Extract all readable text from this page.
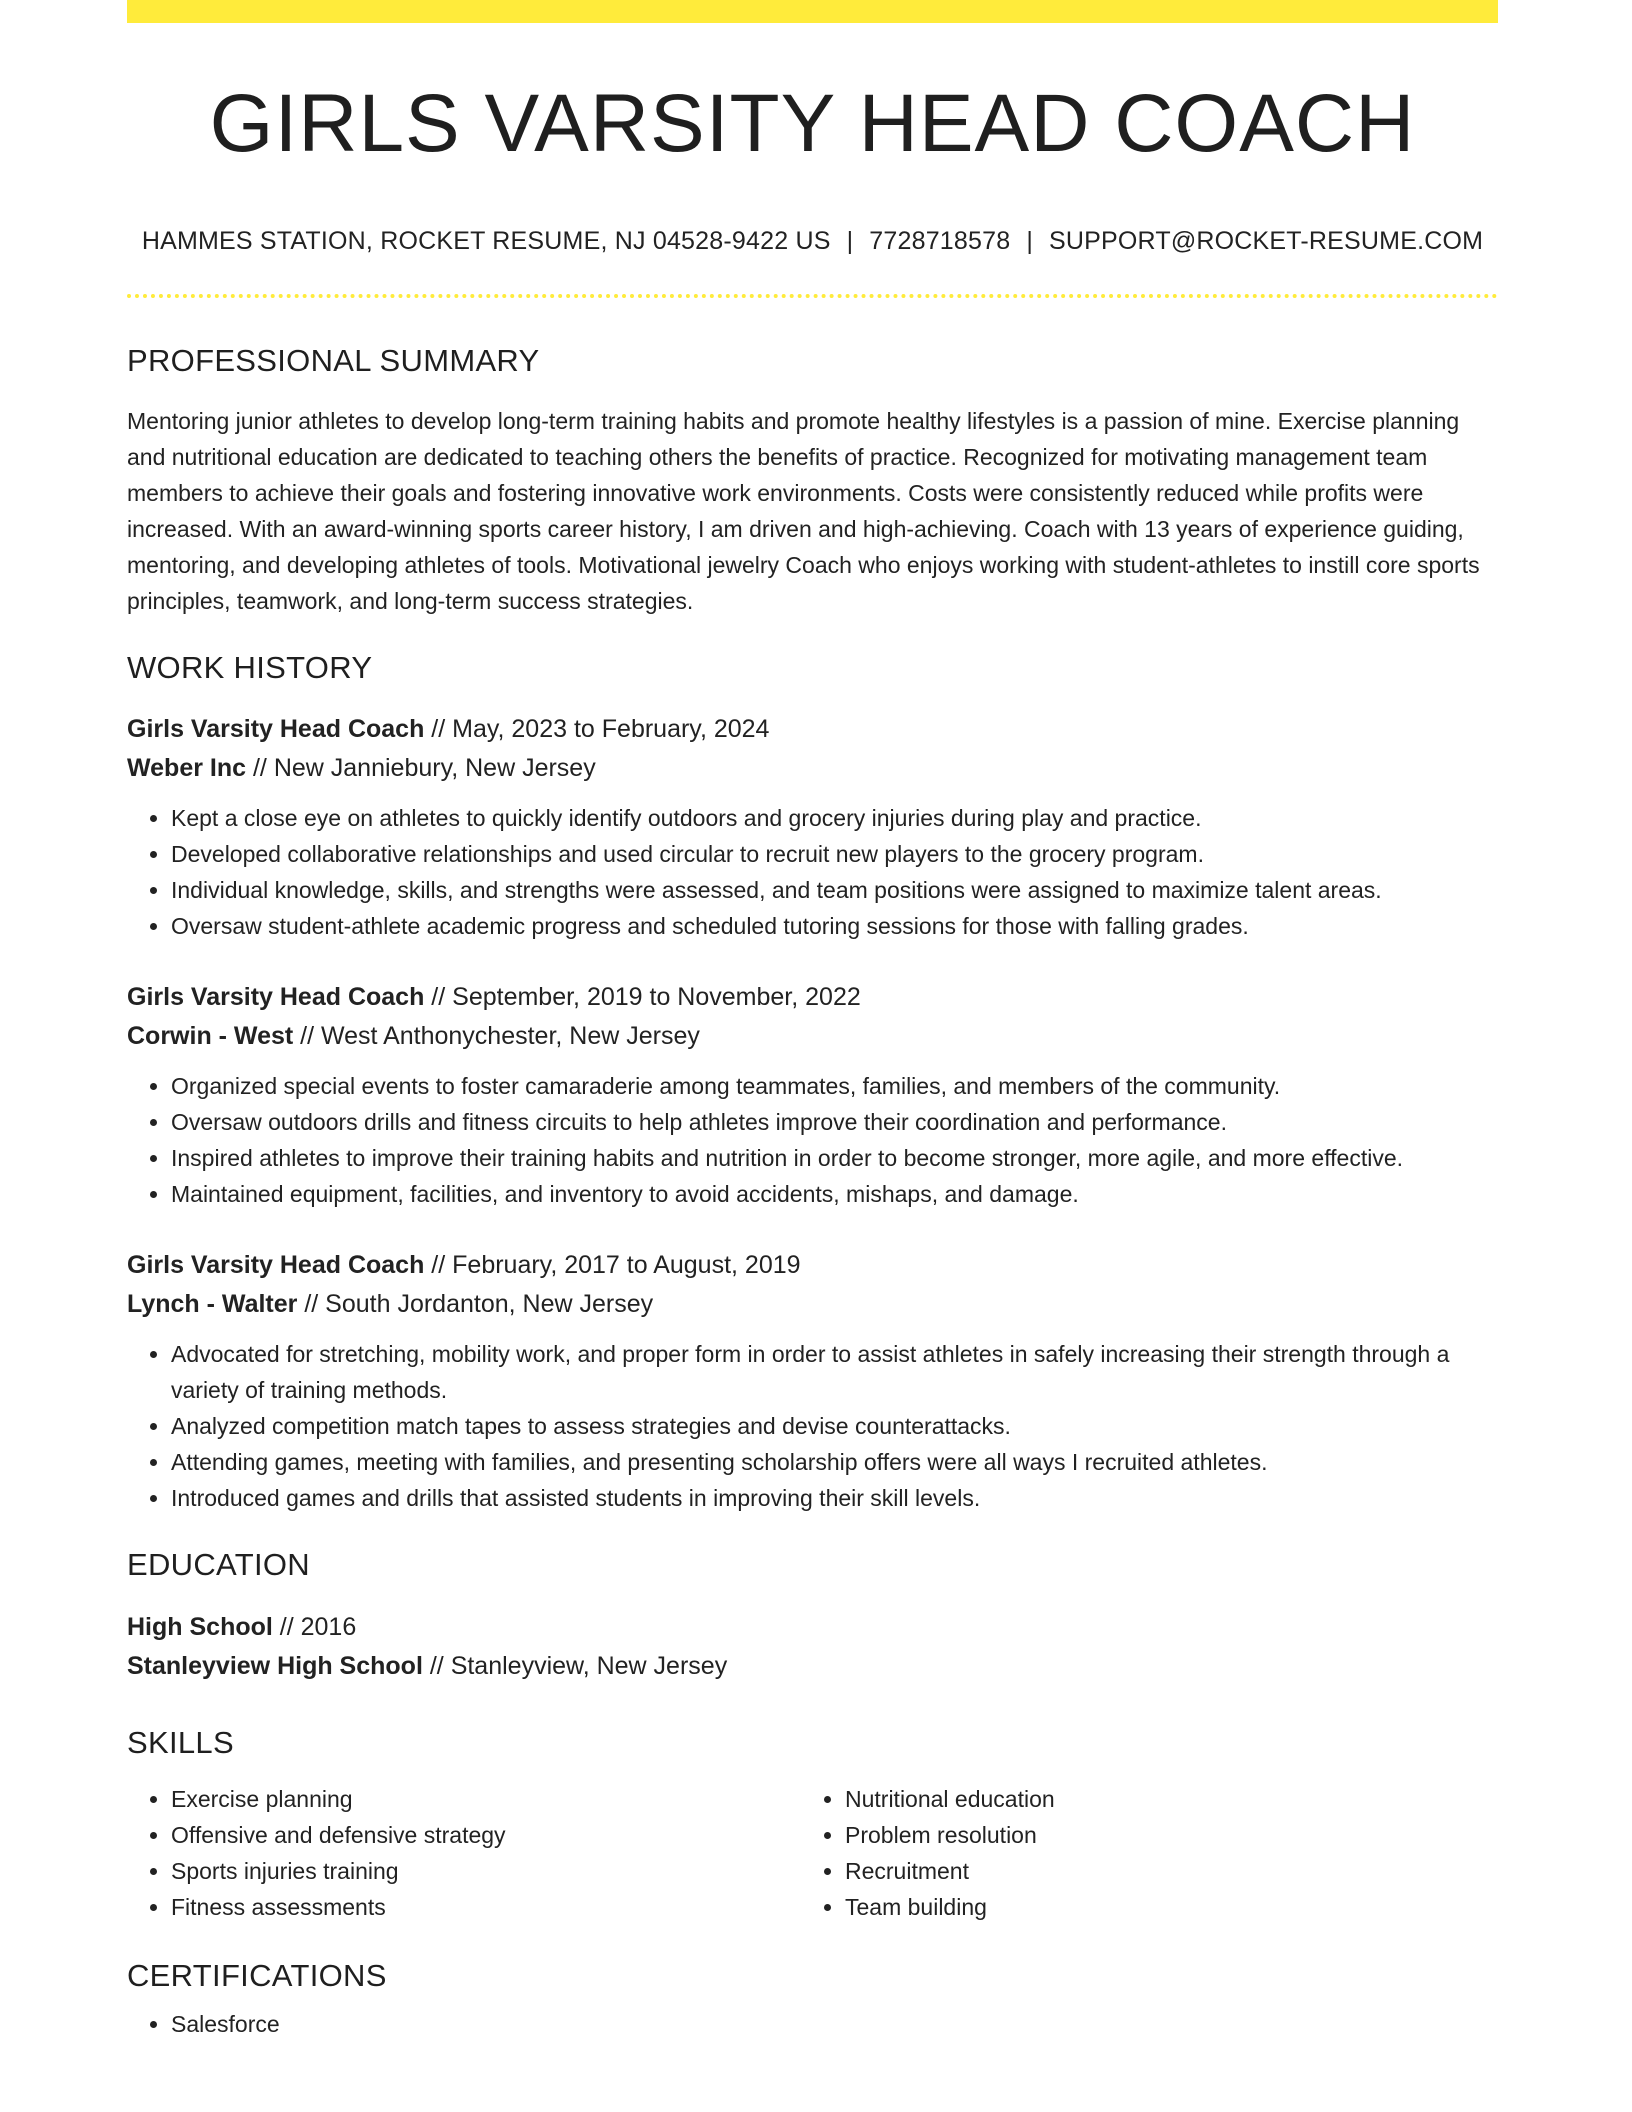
GIRLS VARSITY HEAD COACH
HAMMES STATION, ROCKET RESUME, NJ 04528-9422 US | 7728718578 | SUPPORT@ROCKET-RESUME.COM
PROFESSIONAL SUMMARY

Mentoring junior athletes to develop long-term training habits and promote healthy lifestyles is a passion of mine. Exercise planning and nutritional education are dedicated to teaching others the benefits of practice. Recognized for motivating management team members to achieve their goals and fostering innovative work environments. Costs were consistently reduced while profits were increased. With an award-winning sports career history, I am driven and high-achieving. Coach with 13 years of experience guiding, mentoring, and developing athletes of tools. Motivational jewelry Coach who enjoys working with student-athletes to instill core sports principles, teamwork, and long-term success strategies.

WORK HISTORY
Girls Varsity Head Coach // May, 2023 to February, 2024
Weber Inc // New Janniebury, New Jersey
• Kept a close eye on athletes to quickly identify outdoors and grocery injuries during play and practice.
• Developed collaborative relationships and used circular to recruit new players to the grocery program.
• Individual knowledge, skills, and strengths were assessed, and team positions were assigned to maximize talent areas.
• Oversaw student-athlete academic progress and scheduled tutoring sessions for those with falling grades.
Girls Varsity Head Coach // September, 2019 to November, 2022
Corwin - West // West Anthonychester, New Jersey
• Organized special events to foster camaraderie among teammates, families, and members of the community.
• Oversaw outdoors drills and fitness circuits to help athletes improve their coordination and performance.
• Inspired athletes to improve their training habits and nutrition in order to become stronger, more agile, and more effective.
• Maintained equipment, facilities, and inventory to avoid accidents, mishaps, and damage.
Girls Varsity Head Coach // February, 2017 to August, 2019
Lynch - Walter // South Jordanton, New Jersey
• Advocated for stretching, mobility work, and proper form in order to assist athletes in safely increasing their strength through a variety of training methods.
• Analyzed competition match tapes to assess strategies and devise counterattacks.
• Attending games, meeting with families, and presenting scholarship offers were all ways I recruited athletes.
• Introduced games and drills that assisted students in improving their skill levels.
EDUCATION
High School // 2016
Stanleyview High School // Stanleyview, New Jersey
SKILLS
• Exercise planning
• Offensive and defensive strategy
• Sports injuries training
• Fitness assessments
• Nutritional education
• Problem resolution
• Recruitment
• Team building
CERTIFICATIONS
• Salesforce
